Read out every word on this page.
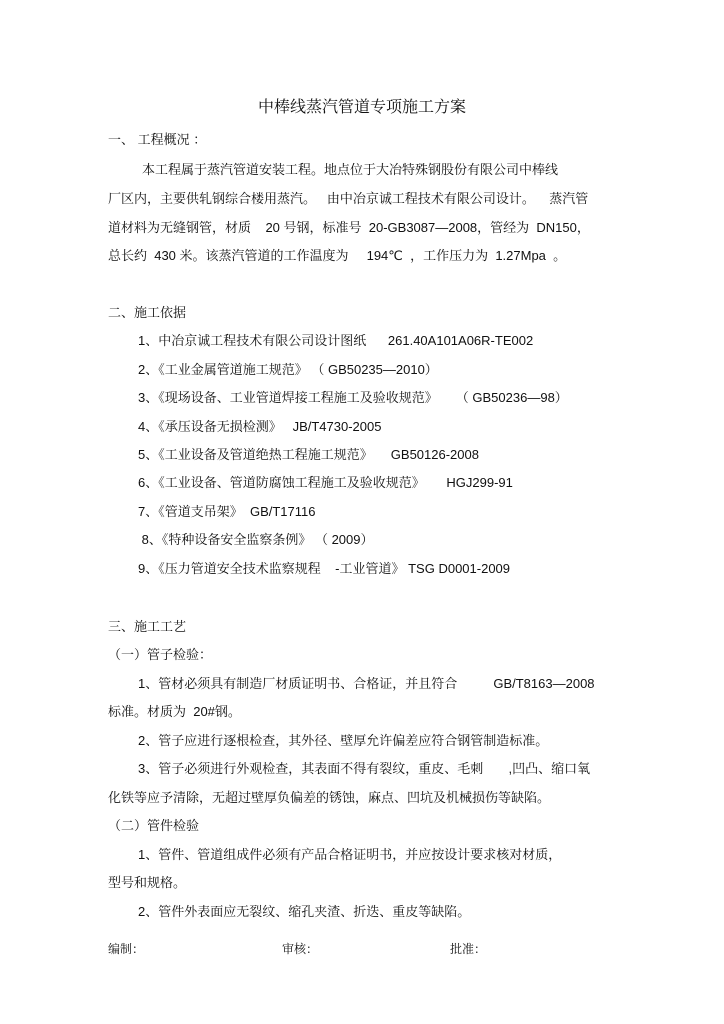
中棒线蒸汽管道专项施工方案
一、 工程概况 ：
本工程属于蒸汽管道安装工程。地点位于大冶特殊钢股份有限公司中棒线
厂区内，主要供轧钢综合楼用蒸汽。   由中冶京诚工程技术有限公司设计。    蒸汽管
道材料为无缝钢管，材质    20 号钢，标准号  20-GB3087—2008，管经为  DN150，
总长约  430 米。该蒸汽管道的工作温度为     194℃  ，工作压力为  1.27Mpa  。
二、施工依据
1、中冶京诚工程技术有限公司设计图纸      261.40A101A06R-TE002
2、《工业金属管道施工规范》 （ GB50235—2010）
3、《现场设备、工业管道焊接工程施工及验收规范》     （ GB50236—98）
4、《承压设备无损检测》   JB/T4730-2005
5、《工业设备及管道绝热工程施工规范》     GB50126-2008
6、《工业设备、管道防腐蚀工程施工及验收规范》      HGJ299-91
7、《管道支吊架》  GB/T17116
8、《特种设备安全监察条例》 （ 2009）
9、《压力管道安全技术监察规程    -工业管道》 TSG D0001-2009
三、施工工艺
（一）管子检验：
1、管材必须具有制造厂材质证明书、合格证，并且符合          GB/T8163—2008
标准。材质为  20#钢。
2、管子应进行逐根检查，其外径、壁厚允许偏差应符合钢管制造标准。
3、管子必须进行外观检查，其表面不得有裂纹，重皮、毛刺       ,凹凸、缩口氧
化铁等应予清除，无超过壁厚负偏差的锈蚀，麻点、凹坑及机械损伤等缺陷。
（二）管件检验
1、管件、管道组成件必须有产品合格证明书，并应按设计要求核对材质，
型号和规格。
2、管件外表面应无裂纹、缩孔夹渣、折迭、重皮等缺陷。
编制：	审核：	批准：
